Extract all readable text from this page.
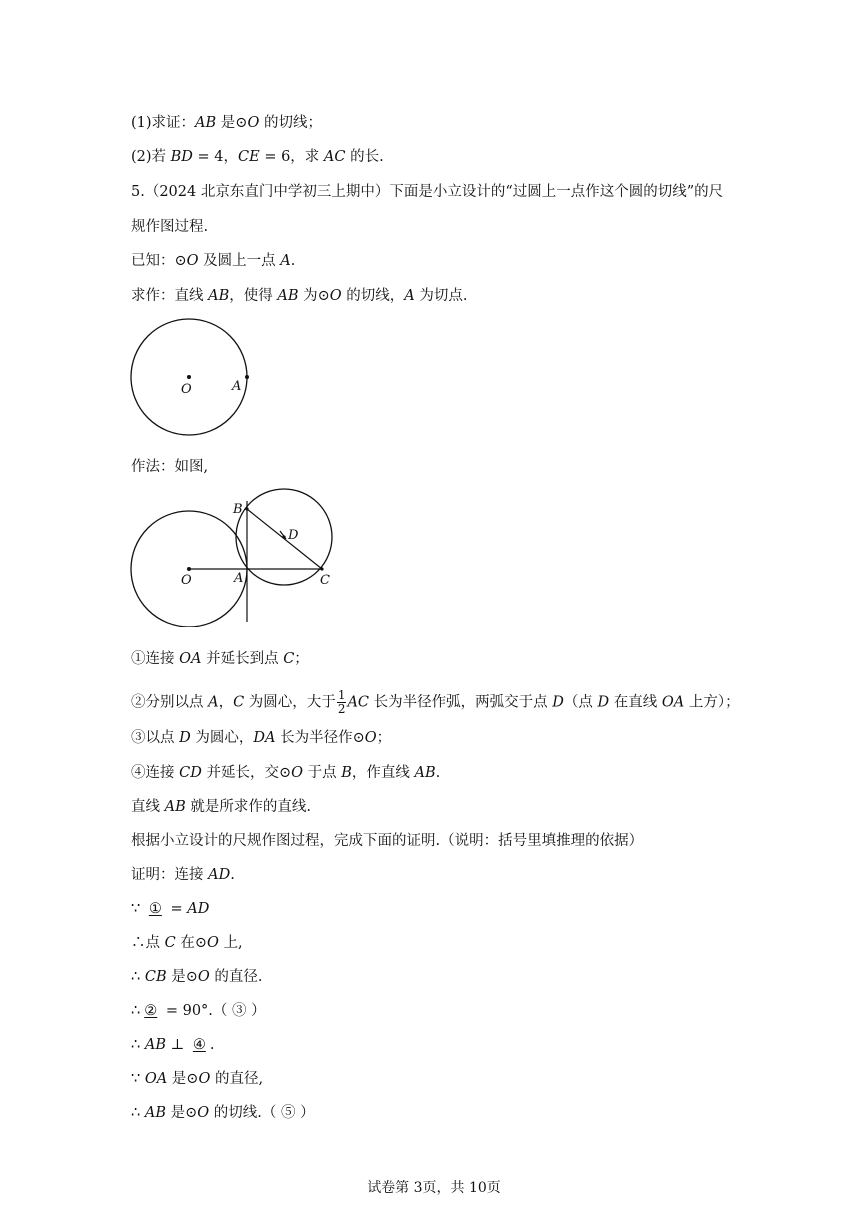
(1)求证：AB 是⊙O 的切线；
(2)若 BD = 4，CE = 6，求 AC 的长.
5.（2024 北京东直门中学初三上期中）下面是小立设计的“过圆上一点作这个圆的切线”的尺
规作图过程.
已知：⊙O 及圆上一点 A.
求作：直线 AB，使得 AB 为⊙O 的切线，A 为切点.
O	A
作法：如图,
B
D
O	A	C
①连接 OA 并延长到点 C；
②分别以点 A，C 为圆心，大于 $\frac{1}{2}$ AC 长为半径作弧，两弧交于点 D（点 D 在直线 OA 上方）；
③以点 D 为圆心，DA 长为半径作⊙O；
④连接 CD 并延长，交⊙O 于点 B，作直线 AB.
直线 AB 就是所求作的直线.
根据小立设计的尺规作图过程，完成下面的证明.（说明：括号里填推理的依据）
证明：连接 AD.
∵ ① = AD
∴点 C 在⊙O 上,
∴ CB 是⊙O 的直径.
∴ ② = 90°.（ ③ ）
∴ AB ⊥ ④ .
∵ OA 是⊙O 的直径,
∴ AB 是⊙O 的切线.（ ⑤ ）
试卷第 3页，共 10页
